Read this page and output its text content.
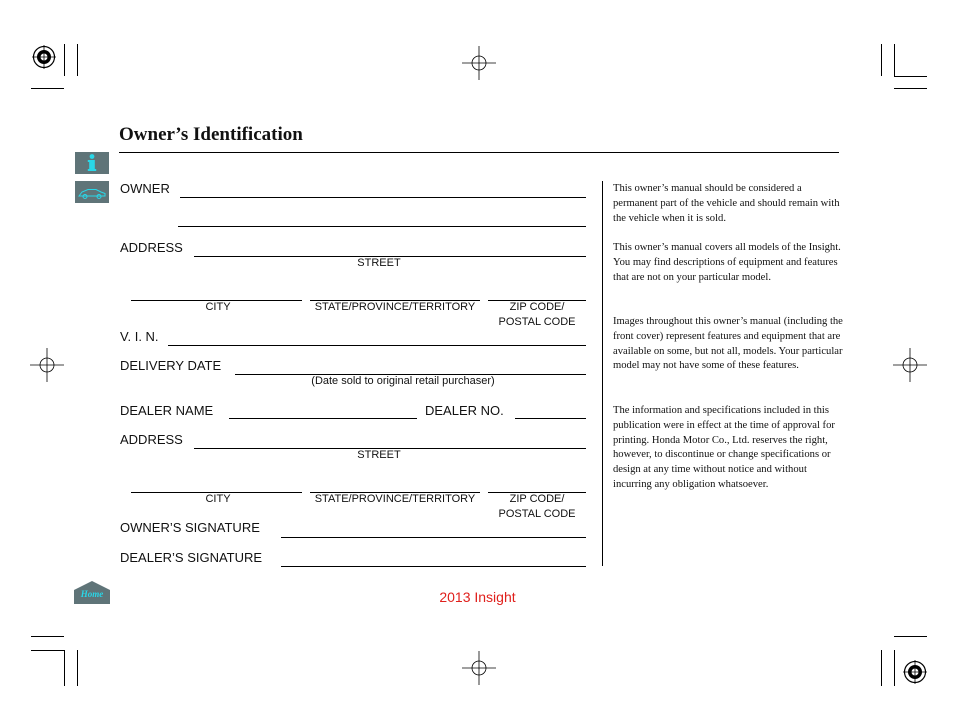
Home
Owner’s Identification
OWNER
ADDRESS
STREET
CITY	STATE/PROVINCE/TERRITORY	ZIP CODE/
POSTAL CODE
V. I. N.
DELIVERY DATE
(Date sold to original retail purchaser)
DEALER NAME	DEALER NO.
ADDRESS
STREET
CITY	STATE/PROVINCE/TERRITORY	ZIP CODE/
POSTAL CODE
OWNER’S SIGNATURE
DEALER’S SIGNATURE
This owner’s manual should be considered a permanent part of the vehicle and should remain with the vehicle when it is sold.
This owner’s manual covers all models of the Insight. You may find descriptions of equipment and features that are not on your particular model.
Images throughout this owner’s manual (including the front cover) represent features and equipment that are available on some, but not all, models. Your particular model may not have some of these features.
The information and specifications included in this publication were in effect at the time of approval for printing. Honda Motor Co., Ltd. reserves the right, however, to discontinue or change specifications or design at any time without notice and without incurring any obligation whatsoever.
2013 Insight
